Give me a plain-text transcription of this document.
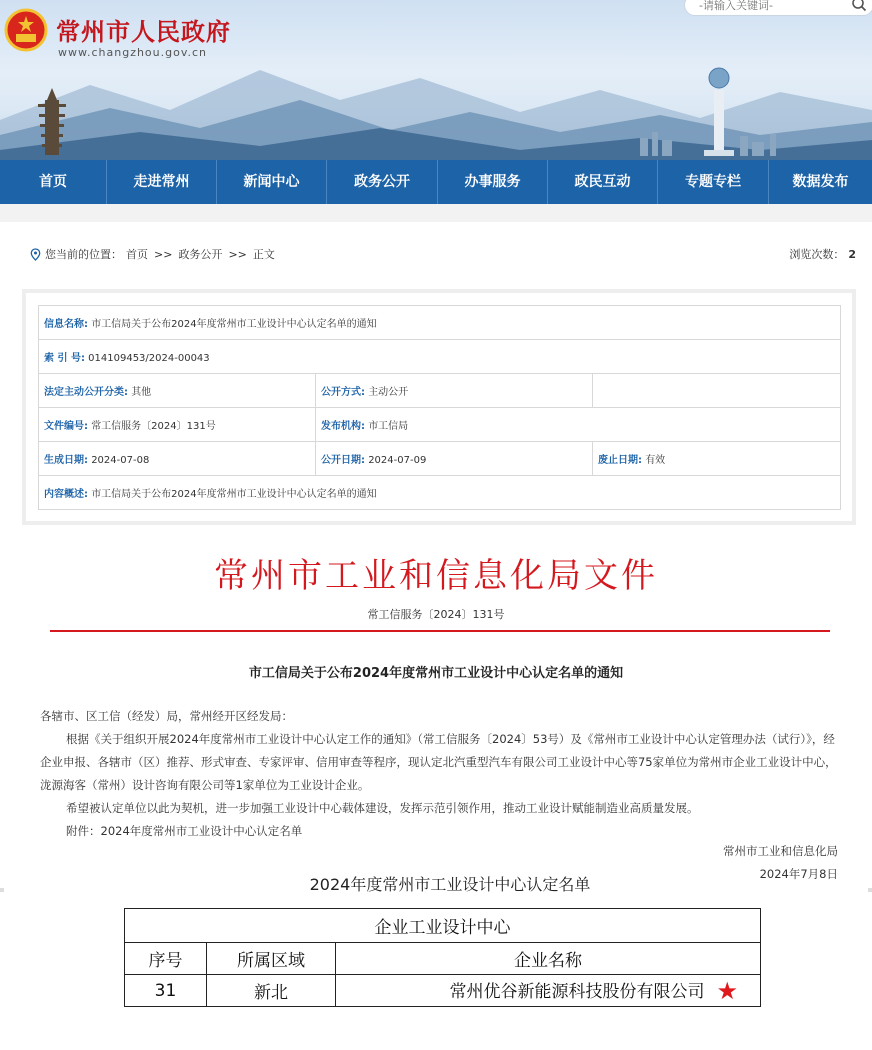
常州市人民政府
www.changzhou.gov.cn
-请输入关键词-
首页	走进常州	新闻中心	政务公开	办事服务	政民互动	专题专栏	数据发布
您当前的位置： 首页 >> 政务公开 >> 正文	浏览次数： 2
信息名称: 市工信局关于公布2024年度常州市工业设计中心认定名单的通知		
索 引 号: 014109453/2024-00043		
法定主动公开分类: 其他	公开方式: 主动公开	
文件编号: 常工信服务〔2024〕131号	发布机构: 市工信局	
生成日期: 2024-07-08	公开日期: 2024-07-09	废止日期: 有效
内容概述: 市工信局关于公布2024年度常州市工业设计中心认定名单的通知		
常州市工业和信息化局文件
常工信服务〔2024〕131号
市工信局关于公布2024年度常州市工业设计中心认定名单的通知
各辖市、区工信（经发）局，常州经开区经发局：
根据《关于组织开展2024年度常州市工业设计中心认定工作的通知》（常工信服务〔2024〕53号）及《常州市工业设计中心认定管理办法（试行）》，经企业申报、各辖市（区）推荐、形式审查、专家评审、信用审查等程序，现认定北汽重型汽车有限公司工业设计中心等75家单位为常州市企业工业设计中心，泷源海客（常州）设计咨询有限公司等1家单位为工业设计企业。
希望被认定单位以此为契机，进一步加强工业设计中心载体建设，发挥示范引领作用，推动工业设计赋能制造业高质量发展。
附件：2024年度常州市工业设计中心认定名单
常州市工业和信息化局
2024年7月8日
2024年度常州市工业设计中心认定名单
企业工业设计中心		
序号	所属区域	企业名称
31	新北	常州优谷新能源科技股份有限公司 ★
